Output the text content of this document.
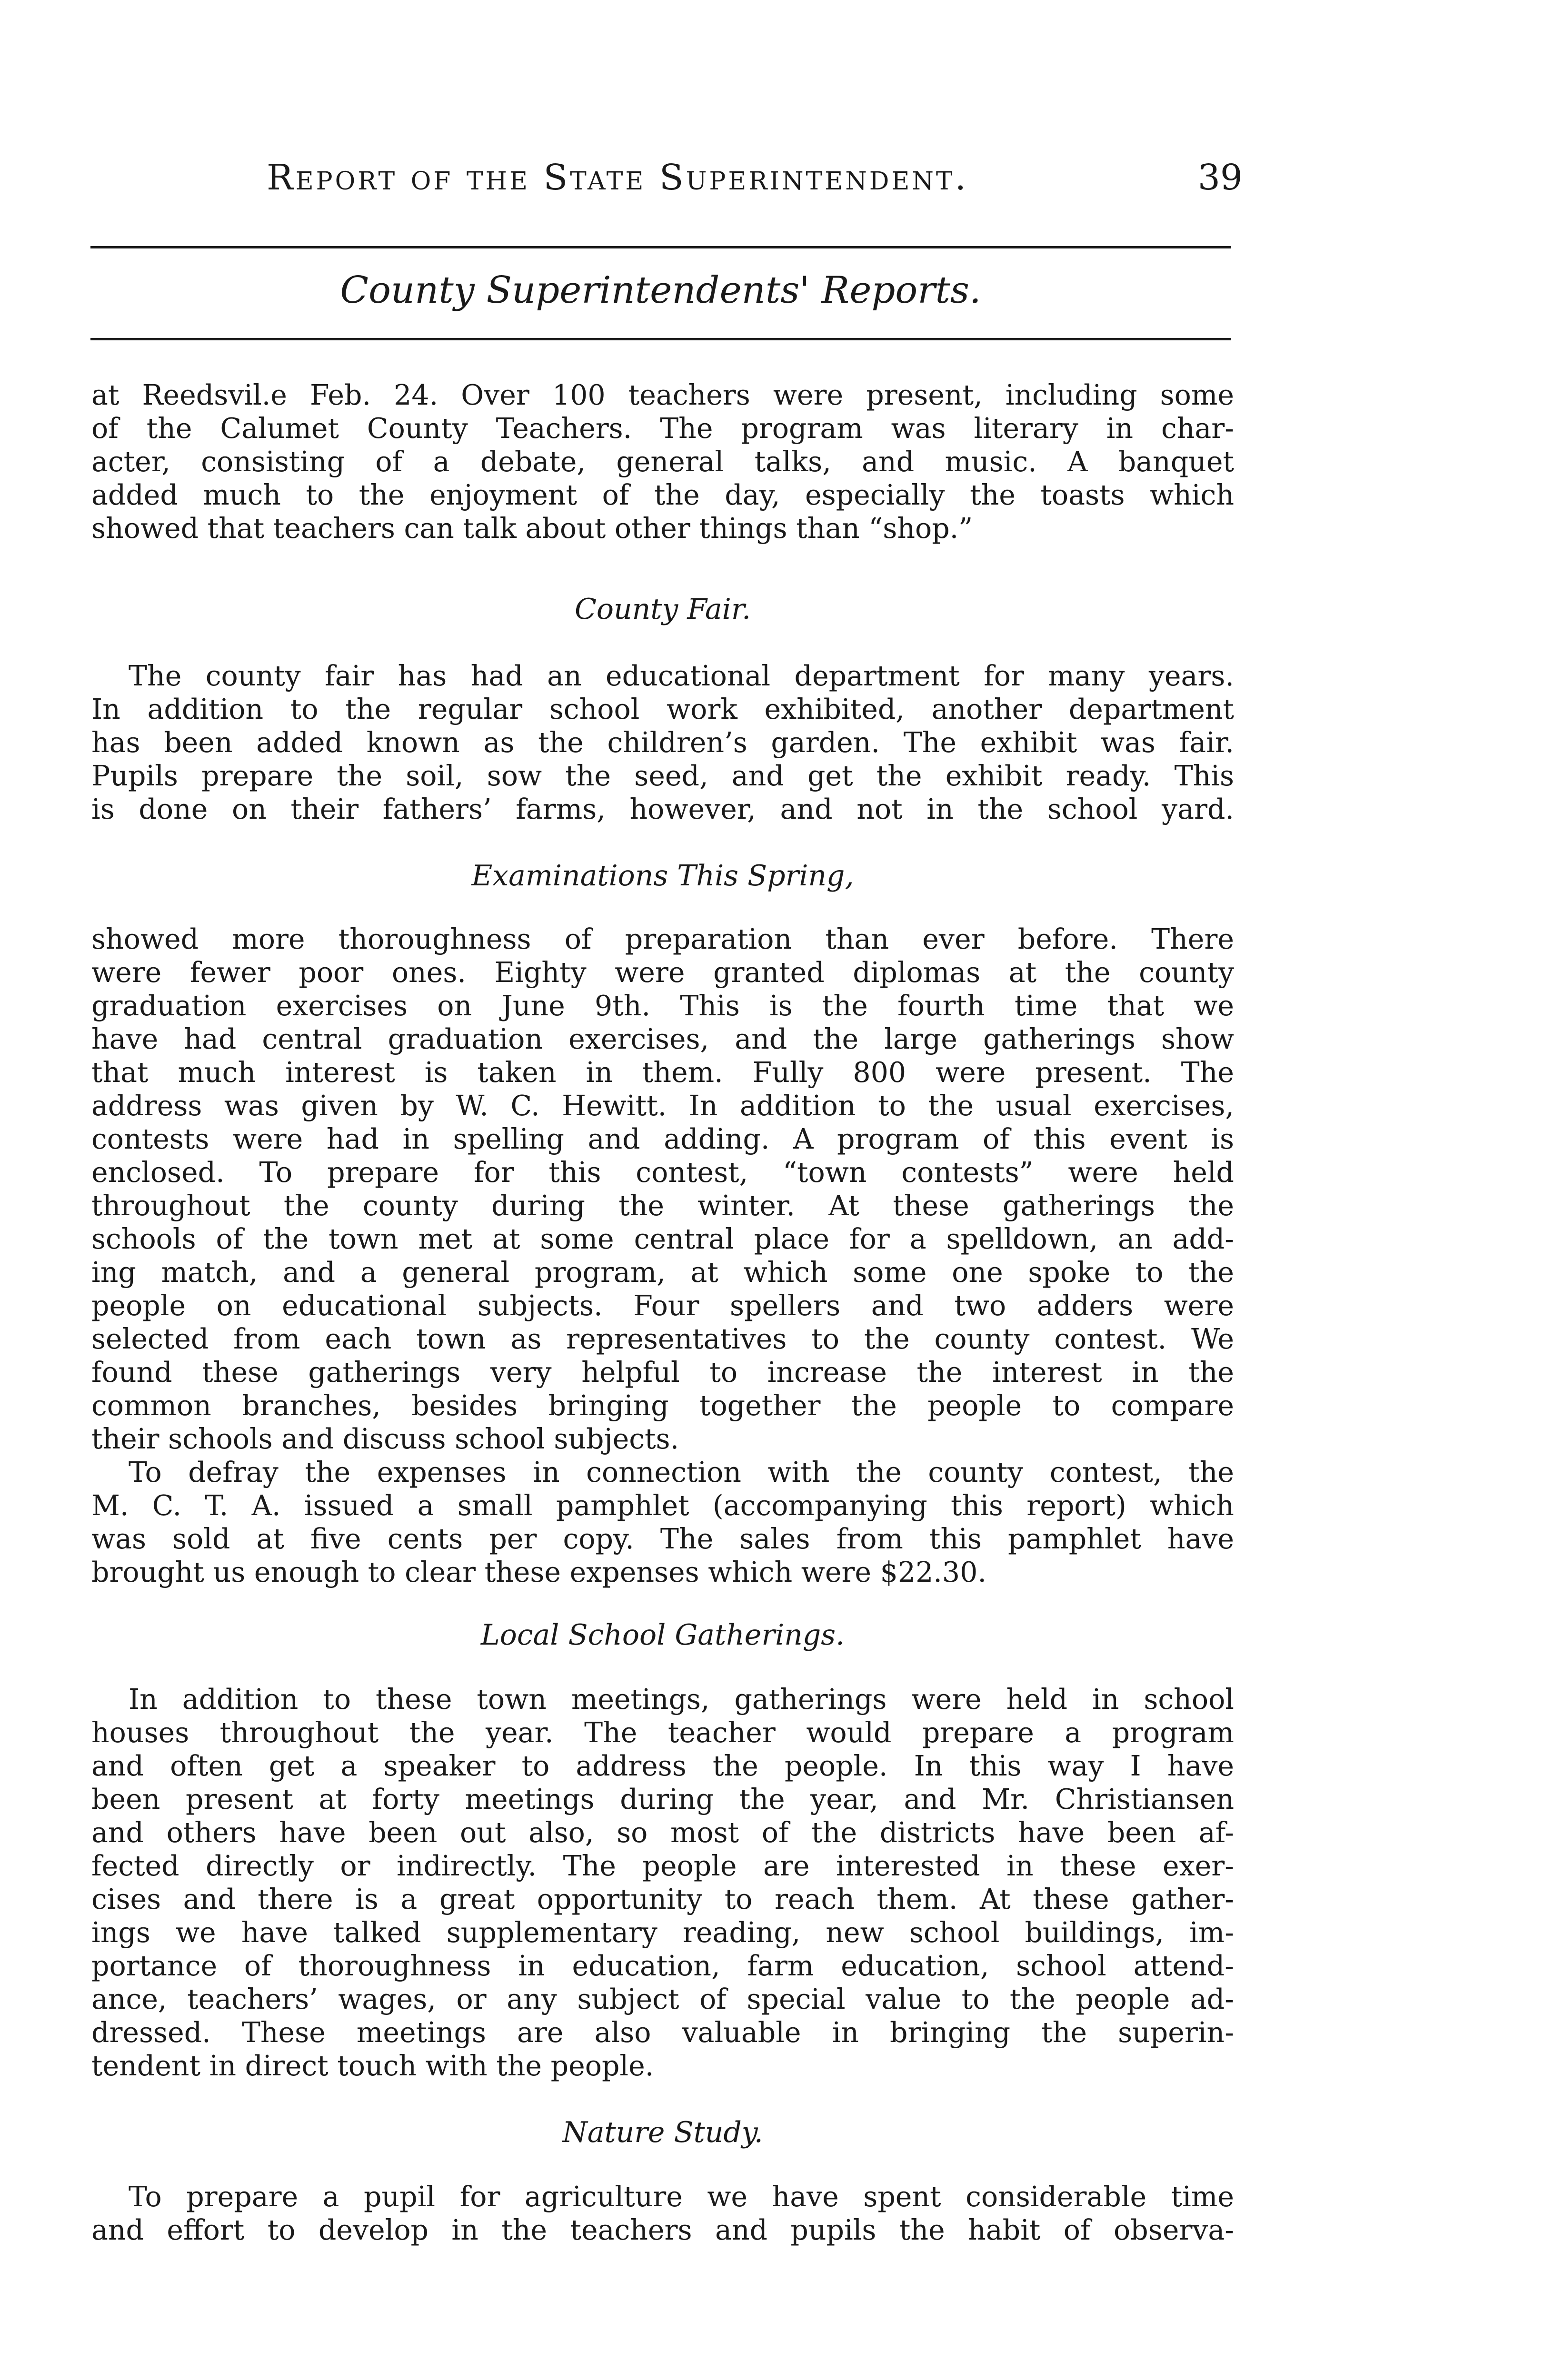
Report of the State Superintendent.	39
County Superintendents' Reports.
at Reedsvil.e Feb. 24. Over 100 teachers were present, including some
of the Calumet County Teachers. The program was literary in char-
acter, consisting of a debate, general talks, and music. A banquet
added much to the enjoyment of the day, especially the toasts which
showed that teachers can talk about other things than “shop.”
County Fair.
The county fair has had an educational department for many years.
In addition to the regular school work exhibited, another department
has been added known as the children’s garden. The exhibit was fair.
Pupils prepare the soil, sow the seed, and get the exhibit ready. This
is done on their fathers’ farms, however, and not in the school yard.
Examinations This Spring,
showed more thoroughness of preparation than ever before. There
were fewer poor ones. Eighty were granted diplomas at the county
graduation exercises on June 9th. This is the fourth time that we
have had central graduation exercises, and the large gatherings show
that much interest is taken in them. Fully 800 were present. The
address was given by W. C. Hewitt. In addition to the usual exercises,
contests were had in spelling and adding. A program of this event is
enclosed. To prepare for this contest, “town contests” were held
throughout the county during the winter. At these gatherings the
schools of the town met at some central place for a spelldown, an add-
ing match, and a general program, at which some one spoke to the
people on educational subjects. Four spellers and two adders were
selected from each town as representatives to the county contest. We
found these gatherings very helpful to increase the interest in the
common branches, besides bringing together the people to compare
their schools and discuss school subjects.
To defray the expenses in connection with the county contest, the
M. C. T. A. issued a small pamphlet (accompanying this report) which
was sold at five cents per copy. The sales from this pamphlet have
brought us enough to clear these expenses which were $22.30.
Local School Gatherings.
In addition to these town meetings, gatherings were held in school
houses throughout the year. The teacher would prepare a program
and often get a speaker to address the people. In this way I have
been present at forty meetings during the year, and Mr. Christiansen
and others have been out also, so most of the districts have been af-
fected directly or indirectly. The people are interested in these exer-
cises and there is a great opportunity to reach them. At these gather-
ings we have talked supplementary reading, new school buildings, im-
portance of thoroughness in education, farm education, school attend-
ance, teachers’ wages, or any subject of special value to the people ad-
dressed. These meetings are also valuable in bringing the superin-
tendent in direct touch with the people.
Nature Study.
To prepare a pupil for agriculture we have spent considerable time
and effort to develop in the teachers and pupils the habit of observa-
